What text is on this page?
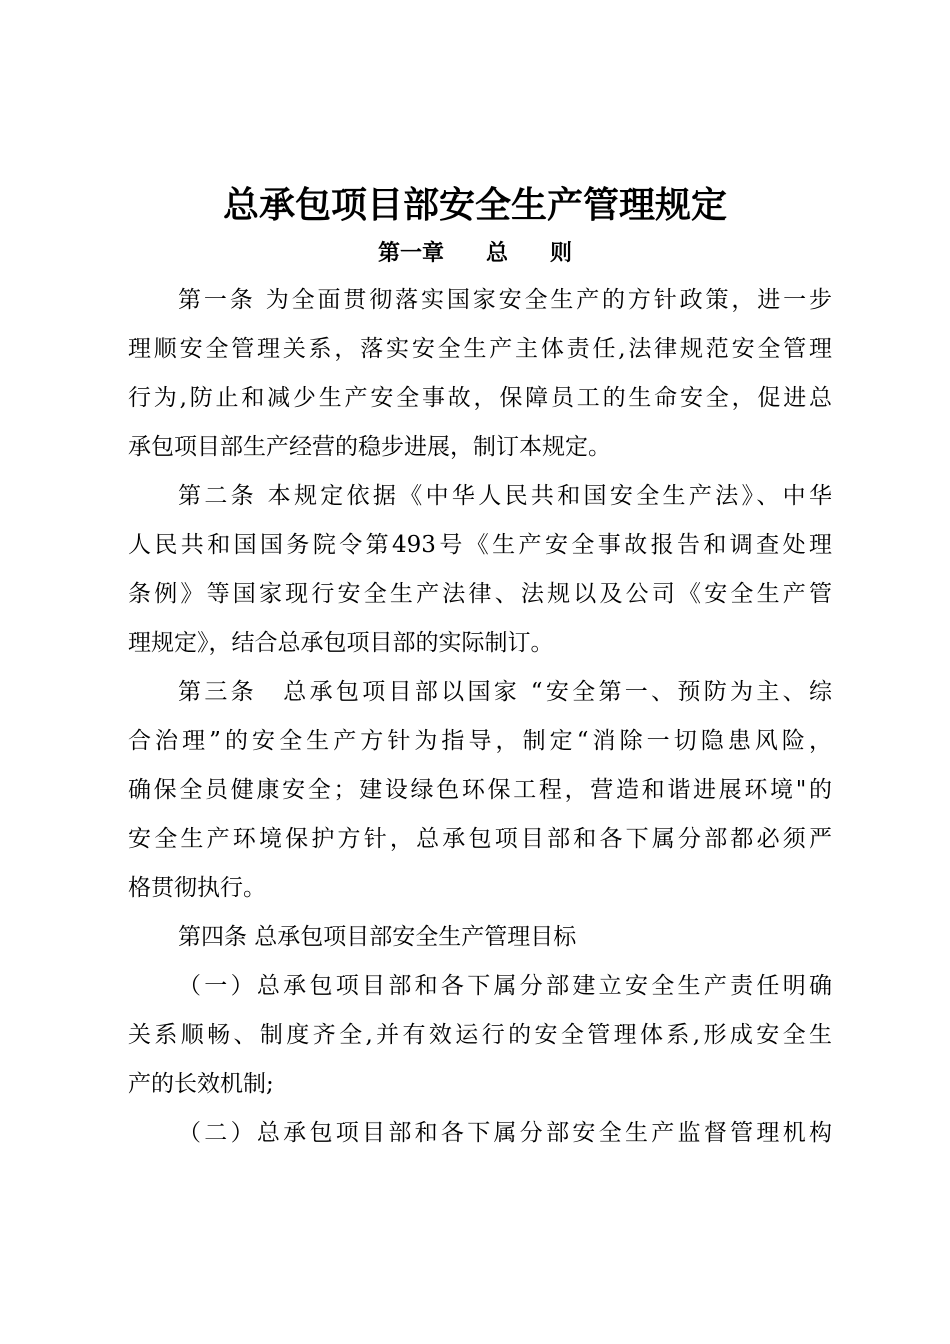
总承包项目部安全生产管理规定
第一章 总 则

第一条 为全面贯彻落实国家安全生产的方针政策，进一步
理顺安全管理关系，落实安全生产主体责任,法律规范安全管理
行为,防止和减少生产安全事故，保障员工的生命安全，促进总
承包项目部生产经营的稳步进展，制订本规定。

第二条 本规定依据《中华人民共和国安全生产法》、中华
人民共和国国务院令第493号《生产安全事故报告和调查处理
条例》等国家现行安全生产法律、法规以及公司《安全生产管
理规定》，结合总承包项目部的实际制订。

第三条　总承包项目部以国家 “安全第一、预防为主、综
合治理”的安全生产方针为指导，制定“消除一切隐患风险，
确保全员健康安全；建设绿色环保工程，营造和谐进展环境"的
安全生产环境保护方针，总承包项目部和各下属分部都必须严
格贯彻执行。

第四条 总承包项目部安全生产管理目标

（一）总承包项目部和各下属分部建立安全生产责任明确
关系顺畅、制度齐全,并有效运行的安全管理体系,形成安全生
产的长效机制;

（二）总承包项目部和各下属分部安全生产监督管理机构
